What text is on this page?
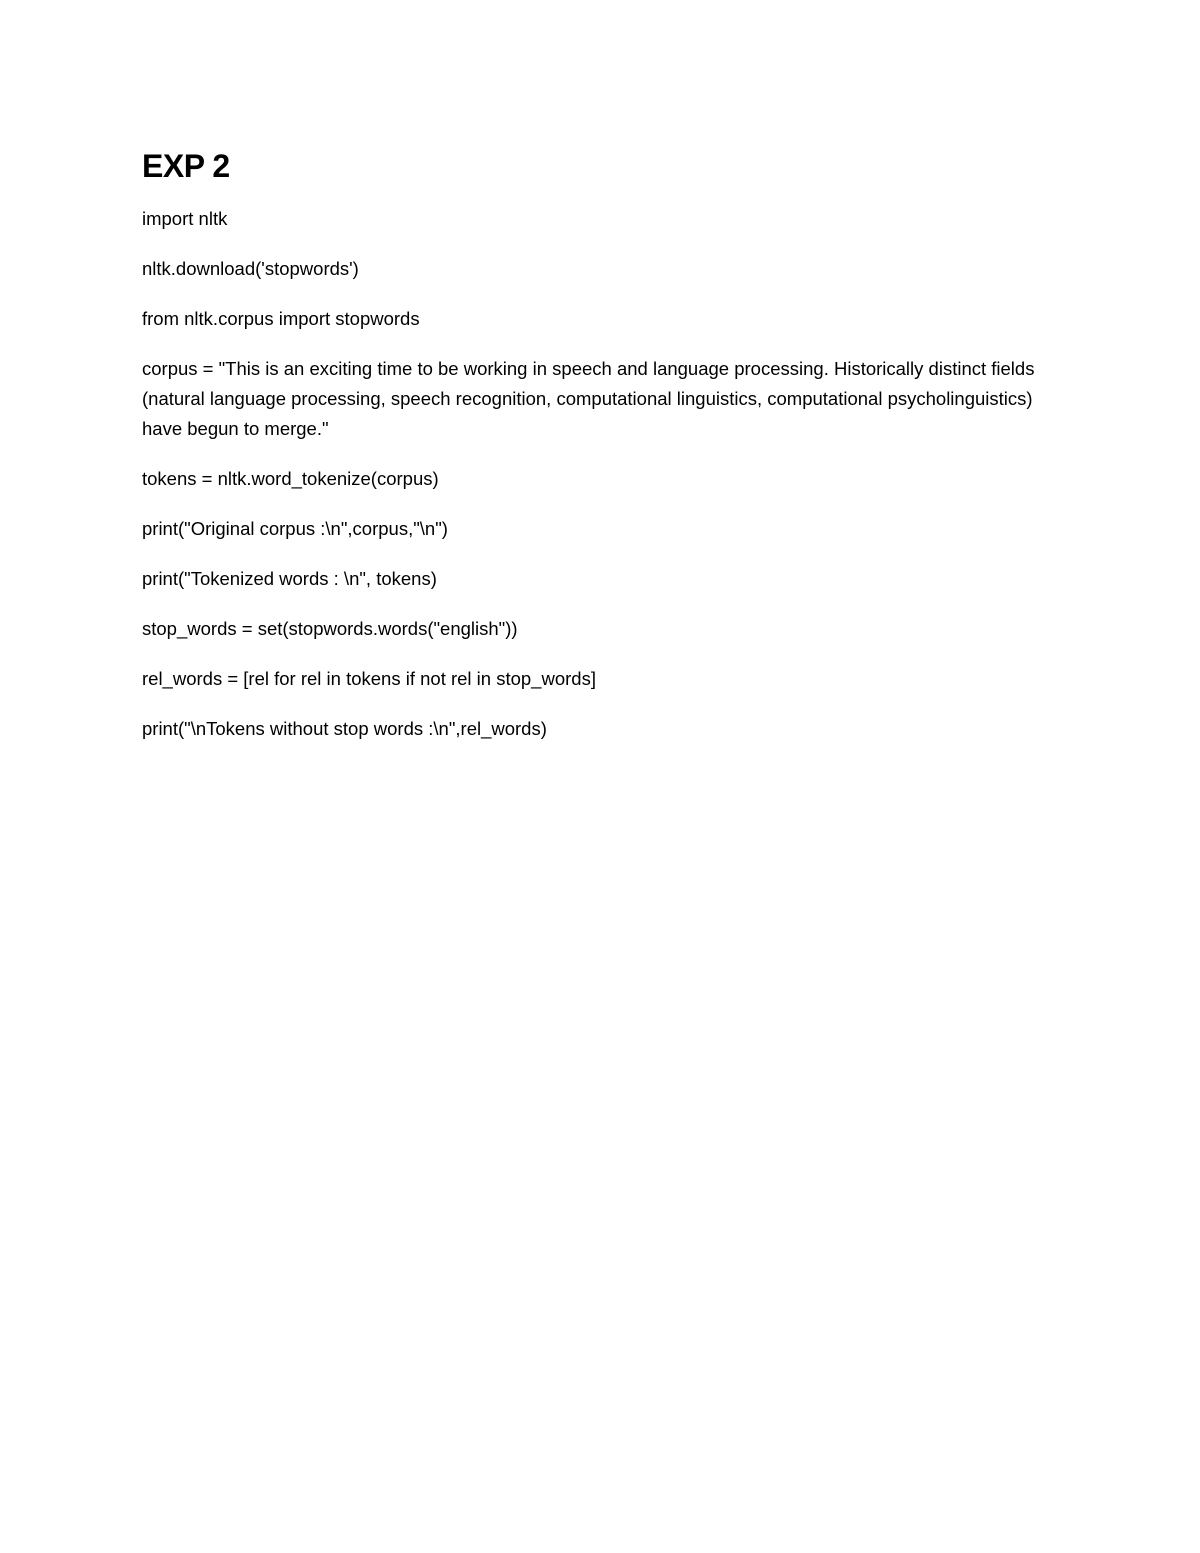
EXP 2

import nltk

nltk.download('stopwords')

from nltk.corpus import stopwords

corpus = "This is an exciting time to be working in speech and language processing. Historically distinct fields (natural language processing, speech recognition, computational linguistics, computational psycholinguistics) have begun to merge."

tokens = nltk.word_tokenize(corpus)

print("Original corpus :\n",corpus,"\n")

print("Tokenized words : \n", tokens)

stop_words = set(stopwords.words("english"))

rel_words = [rel for rel in tokens if not rel in stop_words]

print("\nTokens without stop words :\n",rel_words)
